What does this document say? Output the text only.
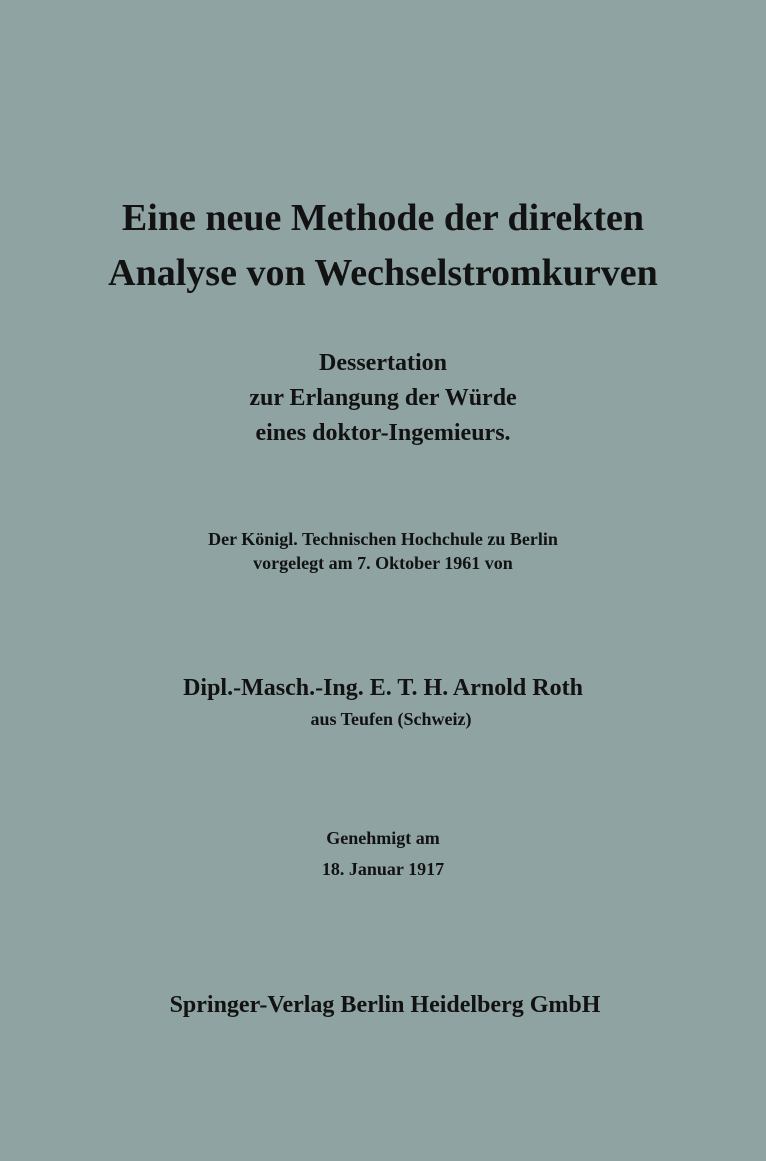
Eine neue Methode der direkten
Analyse von Wechselstromkurven
Dessertation
zur Erlangung der Würde
eines doktor-Ingemieurs.
Der Königl. Technischen Hochchule zu Berlin
vorgelegt am 7. Oktober 1961 von
Dipl.-Masch.-Ing. E. T. H. Arnold Roth
aus Teufen (Schweiz)
Genehmigt am
18. Januar 1917
Springer-Verlag Berlin Heidelberg GmbH
